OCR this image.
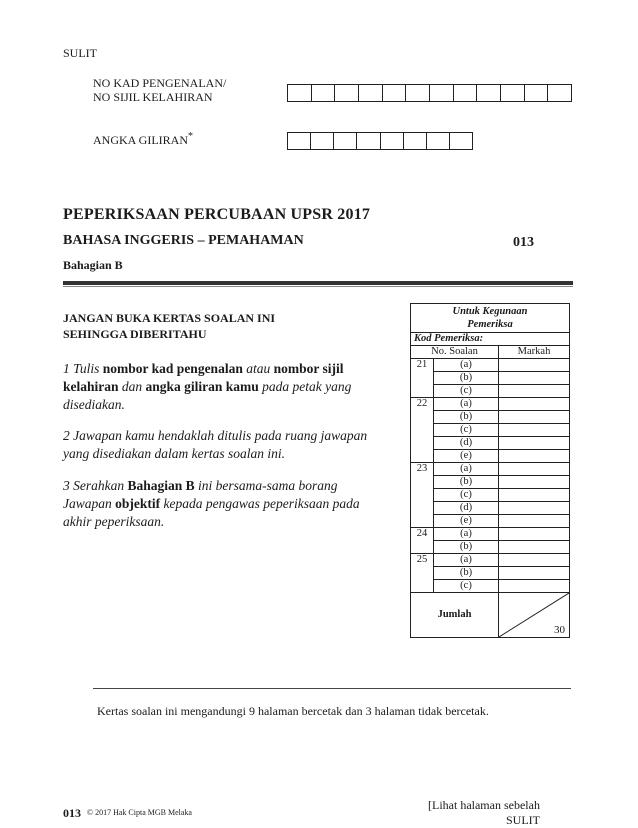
SULIT
NO KAD PENGENALAN/
NO SIJIL KELAHIRAN
ANGKA GILIRAN*
PEPERIKSAAN PERCUBAAN UPSR 2017
BAHASA INGGERIS – PEMAHAMAN	013
Bahagian B
JANGAN BUKA KERTAS SOALAN INI
SEHINGGA DIBERITAHU
1 Tulis nombor kad pengenalan atau nombor sijil kelahiran dan angka giliran kamu pada petak yang disediakan.
2 Jawapan kamu hendaklah ditulis pada ruang jawapan yang disediakan dalam kertas soalan ini.
3 Serahkan Bahagian B ini bersama-sama borang Jawapan objektif kepada pengawas peperiksaan pada akhir peperiksaan.
Untuk Kegunaan
Pemeriksa		

Kod Pemeriksa:		
No. Soalan		Markah
21	(a)	
	(b)	
	(c)	
22	(a)	
	(b)	
	(c)	
	(d)	
	(e)	
23	(a)	
	(b)	
	(c)	
	(d)	
	(e)	
24	(a)	
	(b)	
25	(a)	
	(b)	
	(c)	
Jumlah		30
Kertas soalan ini mengandungi 9 halaman bercetak dan 3 halaman tidak bercetak.
013 © 2017 Hak Cipta MGB Melaka
[Lihat halaman sebelah
SULIT
